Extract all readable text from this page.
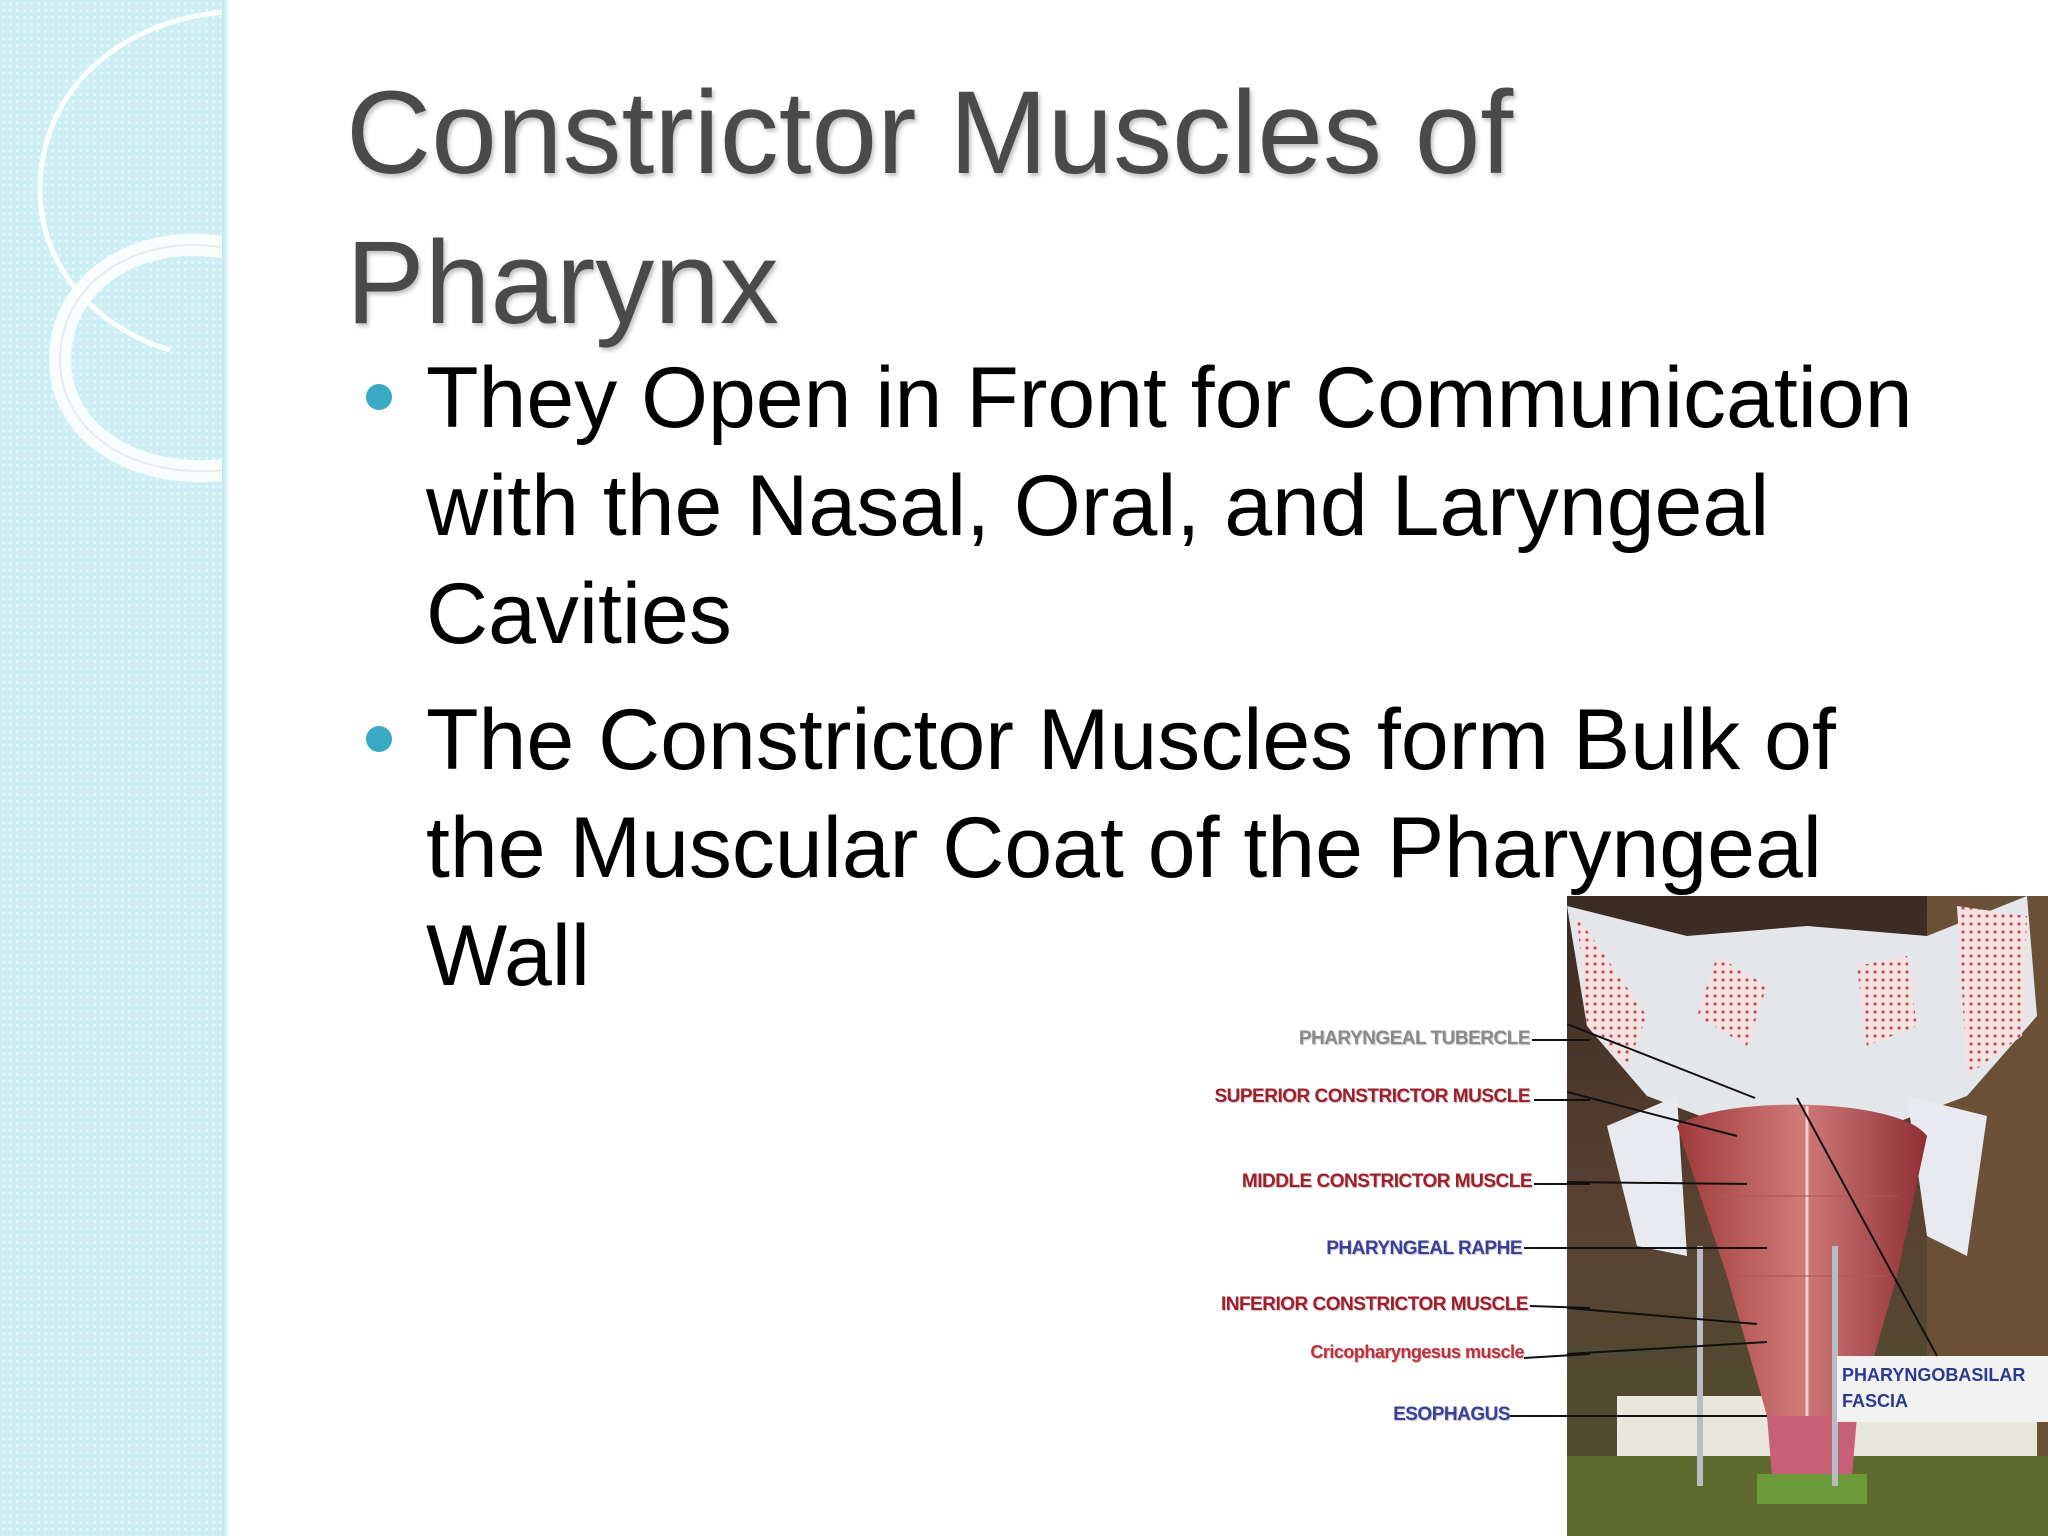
Constrictor Muscles of Pharynx
They Open in Front for Communication with the Nasal, Oral, and Laryngeal Cavities
The Constrictor Muscles form Bulk of the Muscular Coat of the Pharyngeal Wall
PHARYNGEAL TUBERCLE
SUPERIOR CONSTRICTOR MUSCLE
MIDDLE CONSTRICTOR MUSCLE
PHARYNGEAL RAPHE
INFERIOR CONSTRICTOR MUSCLE
Cricopharyngesus muscle
ESOPHAGUS
PHARYNGOBASILAR FASCIA
